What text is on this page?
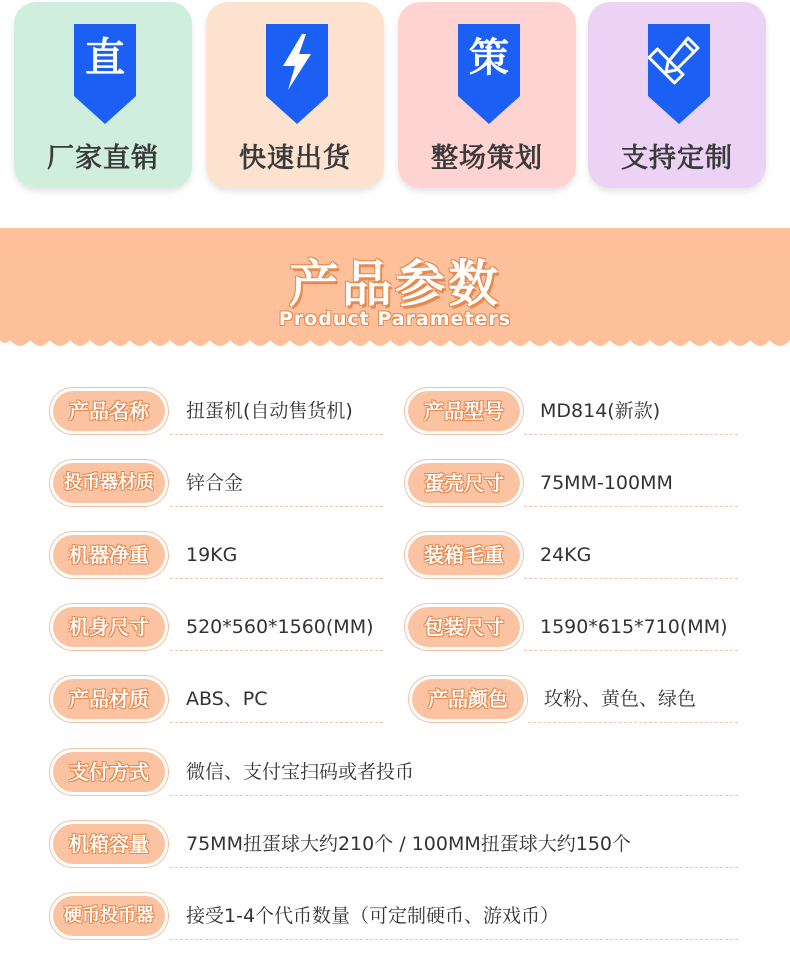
直
厂家直销	快速出货
策
整场策划	支持定制
产品参数
Product Parameters
产品名称	扭蛋机(自动售货机)	产品型号	MD814(新款)
投币器材质	锌合金	蛋壳尺寸	75MM-100MM
机器净重	19KG	装箱毛重	24KG
机身尺寸	520*560*1560(MM)	包装尺寸	1590*615*710(MM)
产品材质	ABS、PC	产品颜色	玫粉、黄色、绿色
支付方式	微信、支付宝扫码或者投币
机箱容量	75MM扭蛋球大约210个 / 100MM扭蛋球大约150个
硬币投币器	接受1-4个代币数量（可定制硬币、游戏币）
